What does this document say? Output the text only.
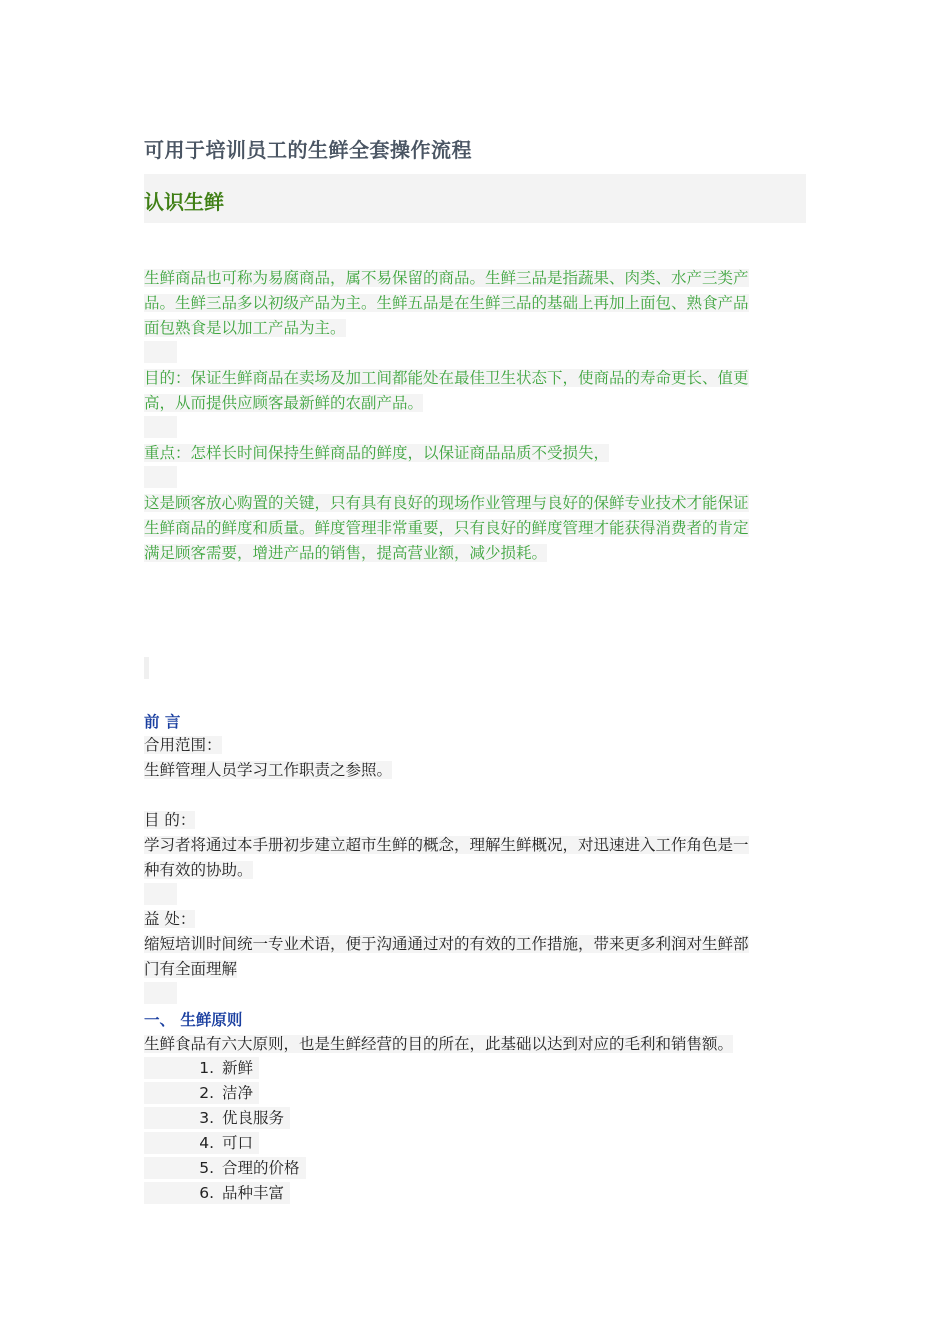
可用于培训员工的生鲜全套操作流程
认识生鲜
生鲜商品也可称为易腐商品，属不易保留的商品。生鲜三品是指蔬果、肉类、水产三类产
品。生鲜三品多以初级产品为主。生鲜五品是在生鲜三品的基础上再加上面包、熟食产品
面包熟食是以加工产品为主。
目的：保证生鲜商品在卖场及加工间都能处在最佳卫生状态下，使商品的寿命更长、值更
高，从而提供应顾客最新鲜的农副产品。
重点：怎样长时间保持生鲜商品的鲜度，以保证商品品质不受损失，
这是顾客放心购置的关键，只有具有良好的现场作业管理与良好的保鲜专业技术才能保证
生鲜商品的鲜度和质量。鲜度管理非常重要，只有良好的鲜度管理才能获得消费者的肯定
满足顾客需要，增进产品的销售，提高营业额，减少损耗。
前 言
合用范围：
生鲜管理人员学习工作职责之参照。
目 的：
学习者将通过本手册初步建立超市生鲜的概念，理解生鲜概况，对迅速进入工作角色是一
种有效的协助。
益 处：
缩短培训时间统一专业术语，便于沟通通过对的有效的工作措施，带来更多利润对生鲜部
门有全面理解
一、 生鲜原则
生鲜食品有六大原则，也是生鲜经营的目的所在，此基础以达到对应的毛利和销售额。
1. 新鲜
2. 洁净
3. 优良服务
4. 可口
5. 合理的价格
6. 品种丰富
